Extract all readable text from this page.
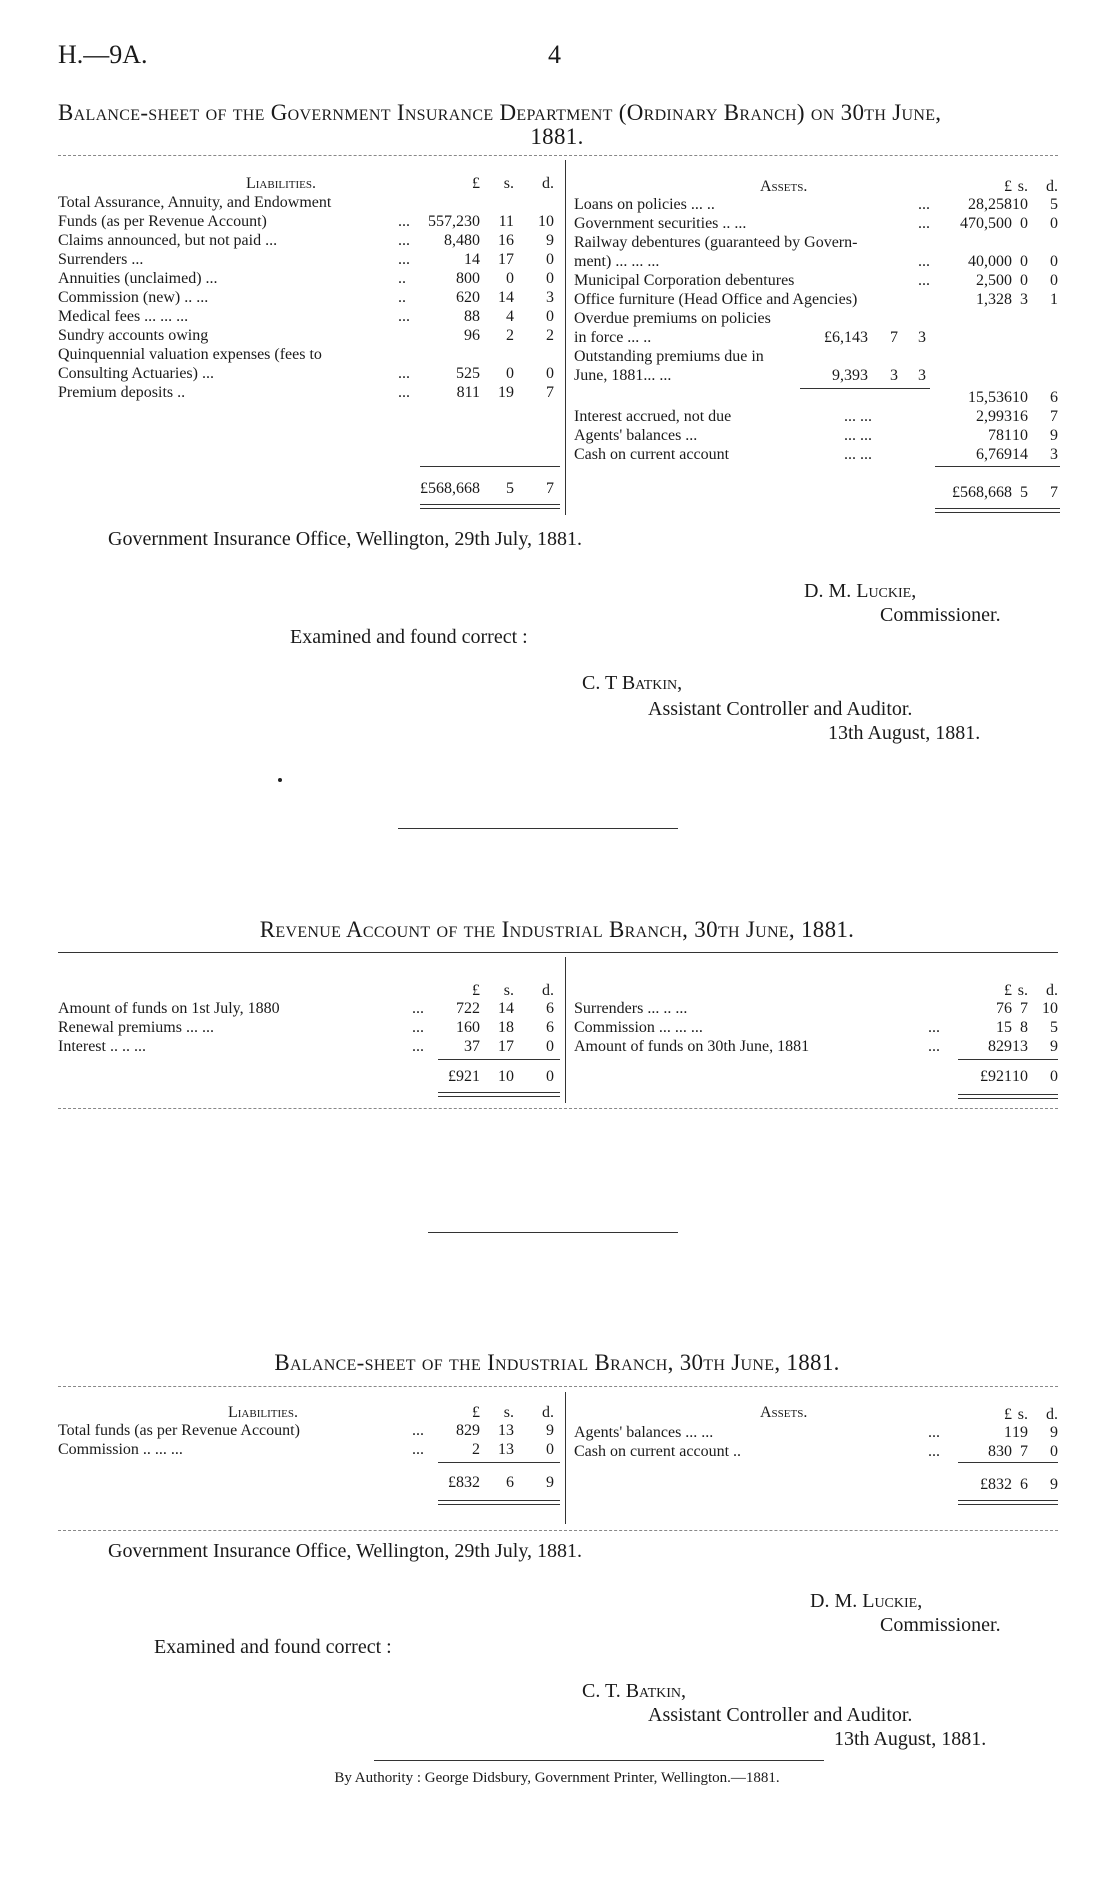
H.—9A.	4
Balance-sheet of the Government Insurance Department (Ordinary Branch) on 30th June,
1881.
Liabilities.	£	s.	d.	Assets.	£ s.	d.
Total Assurance, Annuity, and Endowment
Funds (as per Revenue Account)	...	557,230	11	10
Claims announced, but not paid ...	...	8,480	16	9
Surrenders ...	...	14	17	0
Annuities (unclaimed) ...	..	800	0	0
Commission (new) .. ...	..	620	14	3
Medical fees ... ... ...	...	88	4	0
Sundry accounts owing	96	2	2
Quinquennial valuation expenses (fees to
Consulting Actuaries) ...	...	525	0	0
Premium deposits ..	...	811	19	7
£568,668	5	7
Loans on policies ... ..	...	28,258 10	5
Government securities .. ...	...	470,500 0	0
Railway debentures (guaranteed by Govern-
ment) ... ... ...	...	40,000 0	0
Municipal Corporation debentures	...	2,500 0	0
Office furniture (Head Office and Agencies)	1,328 3	1
Overdue premiums on policies
in force ... ..	£6,143	7	3
Outstanding premiums due in
June, 1881... ...	9,393	3	3
15,536 10	6
Interest accrued, not due	... ...	2,993 16	7
Agents' balances ...	... ...	781 10	9
Cash on current account	... ...	6,769 14	3
£568,668 5	7
Government Insurance Office, Wellington, 29th July, 1881.
D. M. Luckie,
Commissioner.
Examined and found correct :
C. T Batkin,
Assistant Controller and Auditor.
13th August, 1881.
Revenue Account of the Industrial Branch, 30th June, 1881.
£	s.	d.	£ s.	d.
Amount of funds on 1st July, 1880	...	722	14	6
Renewal premiums ... ...	...	160	18	6
Interest .. .. ...	...	37	17	0
£921	10	0
Surrenders ... .. ...	76 7 10
Commission ... ... ...	...	15 8	5
Amount of funds on 30th June, 1881	...	829 13	9
£921 10	0
Balance-sheet of the Industrial Branch, 30th June, 1881.
Liabilities.	£	s.	d.	Assets.	£ s.	d.
Total funds (as per Revenue Account)	...	829	13	9
Commission .. ... ...	...	2	13	0
£832	6	9
Agents' balances ... ...	...	1 19	9
Cash on current account ..	...	830 7	0
£832 6	9
Government Insurance Office, Wellington, 29th July, 1881.
D. M. Luckie,
Commissioner.
Examined and found correct :
C. T. Batkin,
Assistant Controller and Auditor.
13th August, 1881.
By Authority : George Didsbury, Government Printer, Wellington.—1881.
